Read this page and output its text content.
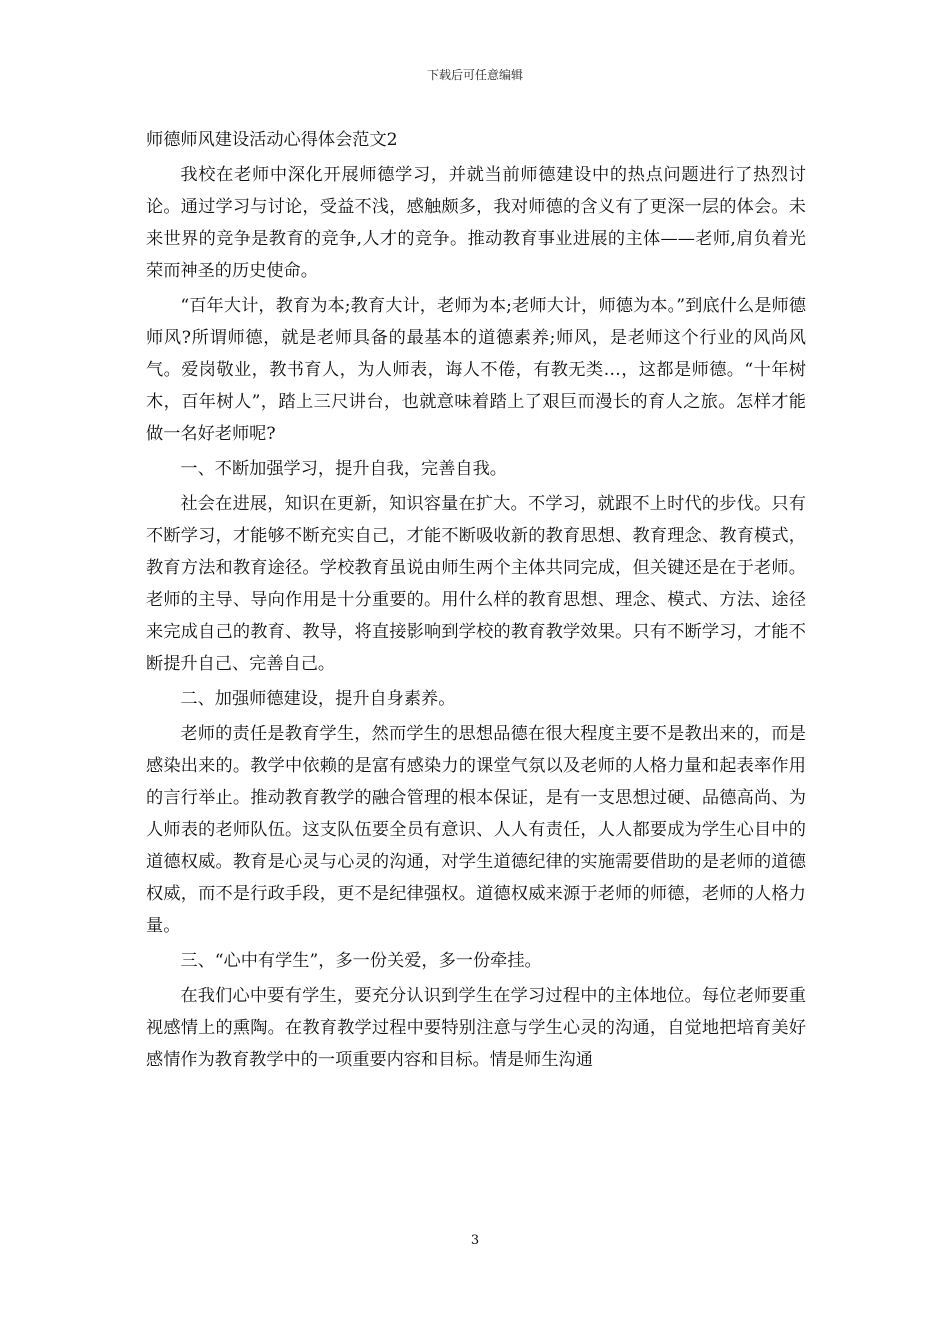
下载后可任意编辑

师德师风建设活动心得体会范文2

我校在老师中深化开展师德学习，并就当前师德建设中的热点问题进行了热烈讨论。通过学习与讨论，受益不浅，感触颇多，我对师德的含义有了更深一层的体会。未来世界的竞争是教育的竞争,人才的竞争。推动教育事业进展的主体——老师,肩负着光荣而神圣的历史使命。

“百年大计，教育为本;教育大计，老师为本;老师大计，师德为本。”到底什么是师德师风?所谓师德，就是老师具备的最基本的道德素养;师风，是老师这个行业的风尚风气。爱岗敬业，教书育人，为人师表，诲人不倦，有教无类…，这都是师德。“十年树木，百年树人”，踏上三尺讲台，也就意味着踏上了艰巨而漫长的育人之旅。怎样才能做一名好老师呢?

一、不断加强学习，提升自我，完善自我。

社会在进展，知识在更新，知识容量在扩大。不学习，就跟不上时代的步伐。只有不断学习，才能够不断充实自己，才能不断吸收新的教育思想、教育理念、教育模式，教育方法和教育途径。学校教育虽说由师生两个主体共同完成，但关键还是在于老师。老师的主导、导向作用是十分重要的。用什么样的教育思想、理念、模式、方法、途径来完成自己的教育、教导，将直接影响到学校的教育教学效果。只有不断学习，才能不断提升自己、完善自己。

二、加强师德建设，提升自身素养。

老师的责任是教育学生，然而学生的思想品德在很大程度主要不是教出来的，而是感染出来的。教学中依赖的是富有感染力的课堂气氛以及老师的人格力量和起表率作用的言行举止。推动教育教学的融合管理的根本保证，是有一支思想过硬、品德高尚、为人师表的老师队伍。这支队伍要全员有意识、人人有责任，人人都要成为学生心目中的道德权威。教育是心灵与心灵的沟通，对学生道德纪律的实施需要借助的是老师的道德权威，而不是行政手段，更不是纪律强权。道德权威来源于老师的师德，老师的人格力量。

三、“心中有学生”，多一份关爱，多一份牵挂。

在我们心中要有学生，要充分认识到学生在学习过程中的主体地位。每位老师要重视感情上的熏陶。在教育教学过程中要特别注意与学生心灵的沟通，自觉地把培育美好感情作为教育教学中的一项重要内容和目标。情是师生沟通

3
